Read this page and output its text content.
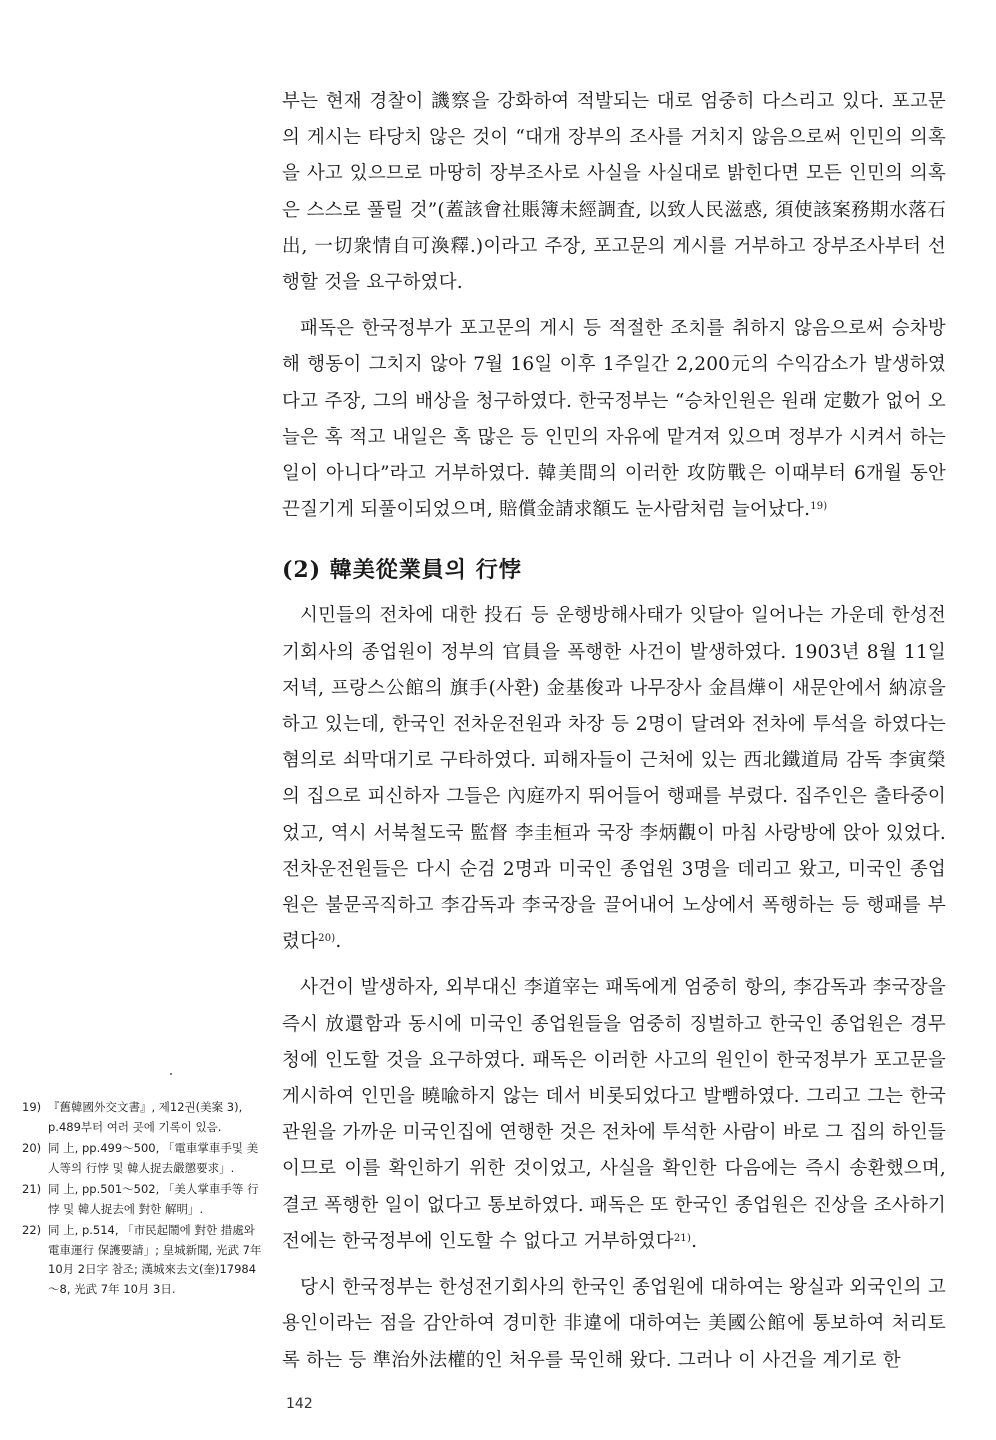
부는 현재 경찰이 譏察을 강화하여 적발되는 대로 엄중히 다스리고 있다. 포고문의 게시는 타당치 않은 것이 “대개 장부의 조사를 거치지 않음으로써 인민의 의혹을 사고 있으므로 마땅히 장부조사로 사실을 사실대로 밝힌다면 모든 인민의 의혹은 스스로 풀릴 것”(蓋該會社賬簿未經調査, 以致人民滋惑, 須使該案務期水落石出, 一切衆情自可渙釋.)이라고 주장, 포고문의 게시를 거부하고 장부조사부터 선행할 것을 요구하였다.

패독은 한국정부가 포고문의 게시 등 적절한 조치를 취하지 않음으로써 승차방해 행동이 그치지 않아 7월 16일 이후 1주일간 2,200元의 수익감소가 발생하였다고 주장, 그의 배상을 청구하였다. 한국정부는 “승차인원은 원래 定數가 없어 오늘은 혹 적고 내일은 혹 많은 등 인민의 자유에 맡겨져 있으며 정부가 시켜서 하는 일이 아니다”라고 거부하였다. 韓美間의 이러한 攻防戰은 이때부터 6개월 동안 끈질기게 되풀이되었으며, 賠償金請求額도 눈사람처럼 늘어났다.$^{19)}$

(2) 韓美從業員의 行悖

시민들의 전차에 대한 投石 등 운행방해사태가 잇달아 일어나는 가운데 한성전기회사의 종업원이 정부의 官員을 폭행한 사건이 발생하였다. 1903년 8월 11일 저녁, 프랑스公館의 旗手(사환) 金基俊과 나무장사 金昌燁이 새문안에서 納凉을 하고 있는데, 한국인 전차운전원과 차장 등 2명이 달려와 전차에 투석을 하였다는 혐의로 쇠막대기로 구타하였다. 피해자들이 근처에 있는 西北鐵道局 감독 李寅榮의 집으로 피신하자 그들은 內庭까지 뛰어들어 행패를 부렸다. 집주인은 출타중이었고, 역시 서북철도국 監督 李圭桓과 국장 李炳觀이 마침 사랑방에 앉아 있었다. 전차운전원들은 다시 순검 2명과 미국인 종업원 3명을 데리고 왔고, 미국인 종업원은 불문곡직하고 李감독과 李국장을 끌어내어 노상에서 폭행하는 등 행패를 부렸다$^{20)}$.

사건이 발생하자, 외부대신 李道宰는 패독에게 엄중히 항의, 李감독과 李국장을 즉시 放還함과 동시에 미국인 종업원들을 엄중히 징벌하고 한국인 종업원은 경무청에 인도할 것을 요구하였다. 패독은 이러한 사고의 원인이 한국정부가 포고문을 게시하여 인민을 曉喩하지 않는 데서 비롯되었다고 발뺌하였다. 그리고 그는 한국관원을 가까운 미국인집에 연행한 것은 전차에 투석한 사람이 바로 그 집의 하인들이므로 이를 확인하기 위한 것이었고, 사실을 확인한 다음에는 즉시 송환했으며, 결코 폭행한 일이 없다고 통보하였다. 패독은 또 한국인 종업원은 진상을 조사하기 전에는 한국정부에 인도할 수 없다고 거부하였다$^{21)}$.

당시 한국정부는 한성전기회사의 한국인 종업원에 대하여는 왕실과 외국인의 고용인이라는 점을 감안하여 경미한 非違에 대하여는 美國公館에 통보하여 처리토록 하는 등 準治外法權的인 처우를 묵인해 왔다. 그러나 이 사건을 계기로 한

19) 『舊韓國外交文書』, 제12권(美案 3), p.489부터 여러 곳에 기록이 있음.
20) 同 上, pp.499～500, 「電車掌車手및 美人等의 行悖 및 韓人捉去嚴懲要求」.
21) 同 上, pp.501～502, 「美人掌車手等 行悖 및 韓人捉去에 對한 解明」.
22) 同 上, p.514, 「市民起鬧에 對한 措處와 電車運行 保護要請」; 皇城新聞, 光武 7年 10月 2日字 참조; 漢城來去文(奎)17984～8, 光武 7年 10月 3日.
142
